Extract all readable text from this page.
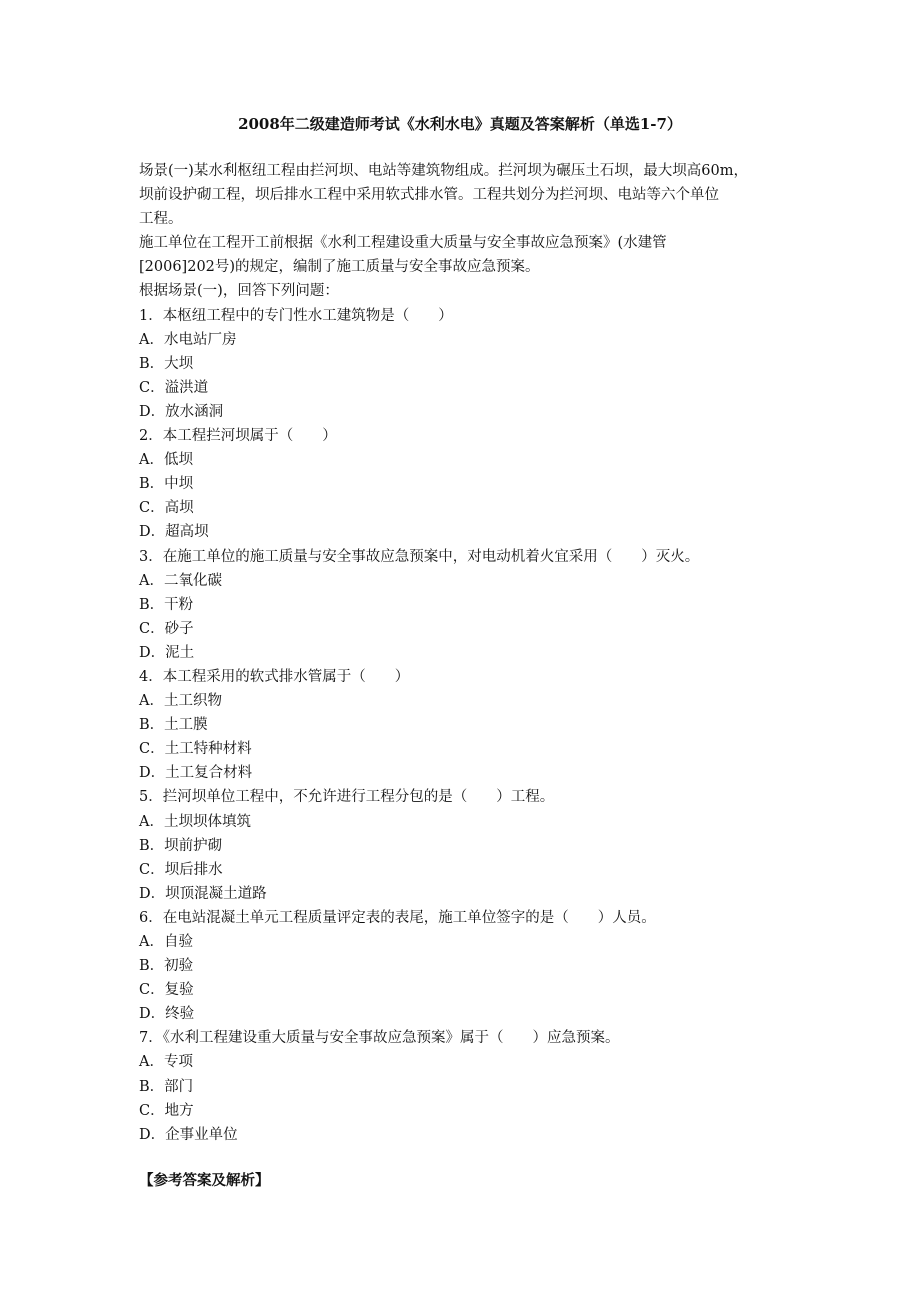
2008年二级建造师考试《水利水电》真题及答案解析（单选1-7）
场景(一)某水利枢纽工程由拦河坝、电站等建筑物组成。拦河坝为碾压土石坝，最大坝高60m，
坝前设护砌工程，坝后排水工程中采用软式排水管。工程共划分为拦河坝、电站等六个单位
工程。
施工单位在工程开工前根据《水利工程建设重大质量与安全事故应急预案》(水建管
[2006]202号)的规定，编制了施工质量与安全事故应急预案。
根据场景(一)，回答下列问题：
1．本枢纽工程中的专门性水工建筑物是（　　）
A．水电站厂房
B．大坝
C．溢洪道
D．放水涵洞
2．本工程拦河坝属于（　　）
A．低坝
B．中坝
C．高坝
D．超高坝
3．在施工单位的施工质量与安全事故应急预案中，对电动机着火宜采用（　　）灭火。
A．二氧化碳
B．干粉
C．砂子
D．泥土
4．本工程采用的软式排水管属于（　　）
A．土工织物
B．土工膜
C．土工特种材料
D．土工复合材料
5．拦河坝单位工程中，不允许进行工程分包的是（　　）工程。
A．土坝坝体填筑
B．坝前护砌
C．坝后排水
D．坝顶混凝土道路
6．在电站混凝土单元工程质量评定表的表尾，施工单位签字的是（　　）人员。
A．自验
B．初验
C．复验
D．终验
7．《水利工程建设重大质量与安全事故应急预案》属于（　　）应急预案。
A．专项
B．部门
C．地方
D．企事业单位
【参考答案及解析】
